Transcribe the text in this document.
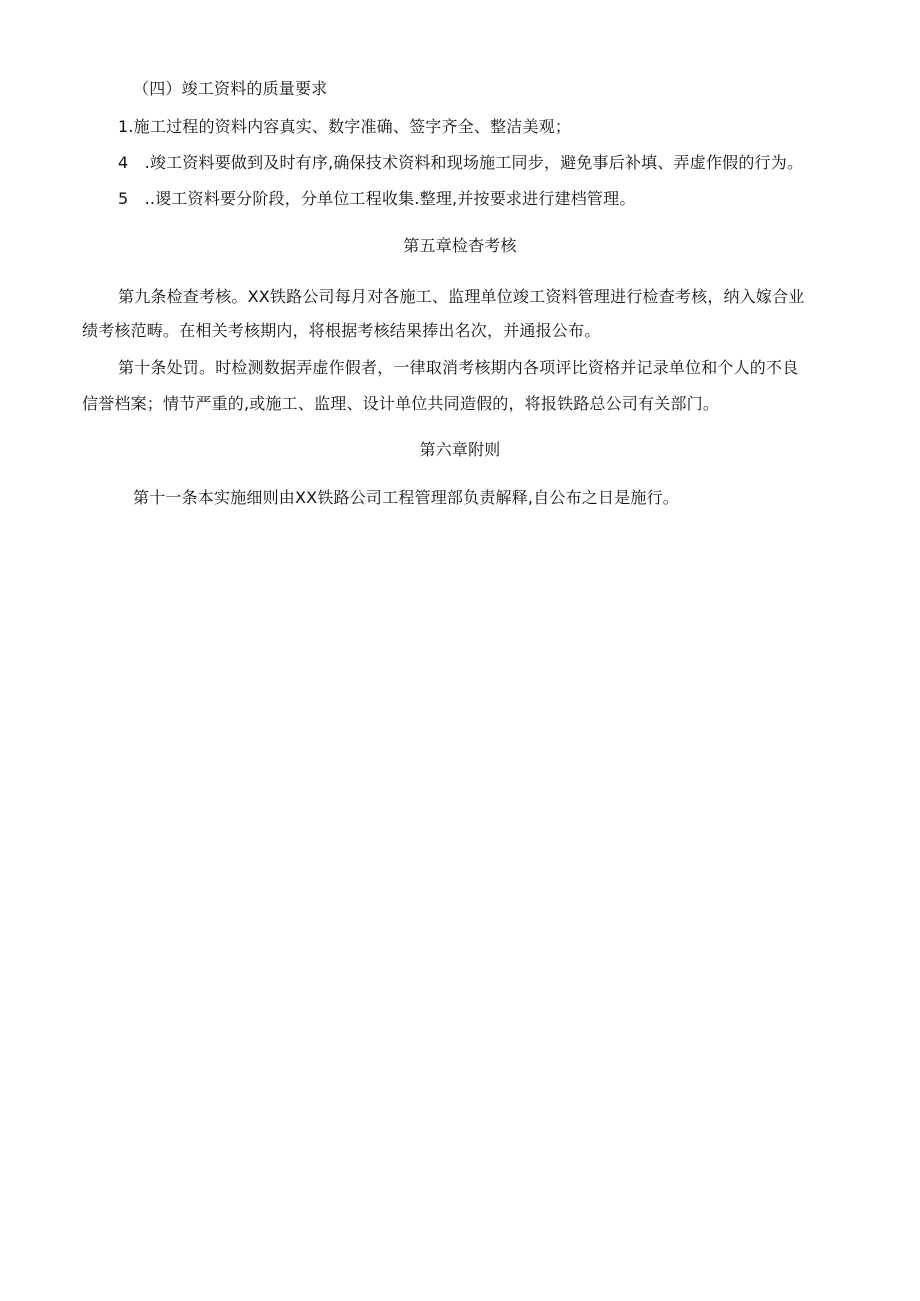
（四）竣工资料的质量要求
1.施工过程的资料内容真实、数字准确、签字齐全、整洁美观；
4　.竣工资料要做到及时有序,确保技术资料和现场施工同步，避免事后补填、弄虚作假的行为。
5　..谡工资料要分阶段，分单位工程收集.整理,并按要求进行建档管理。
第五章检杳考核
第九条检查考核。XX铁路公司每月对各施工、监理单位竣工资料管理进行检查考核，纳入嫁合业
绩考核范畴。在相关考核期内，将根据考核结果捧出名次，并通报公布。
第十条处罚。时检测数据弄虚作假者，一律取消考核期内各项评比资格并记录单位和个人的不良
信誉档案；情节严重的,或施工、监理、设计单位共同造假的，将报铁路总公司有关部门。
第六章附则
第十一条本实施细则由XX铁路公司工程管理部负责解释,自公布之日是施行。
